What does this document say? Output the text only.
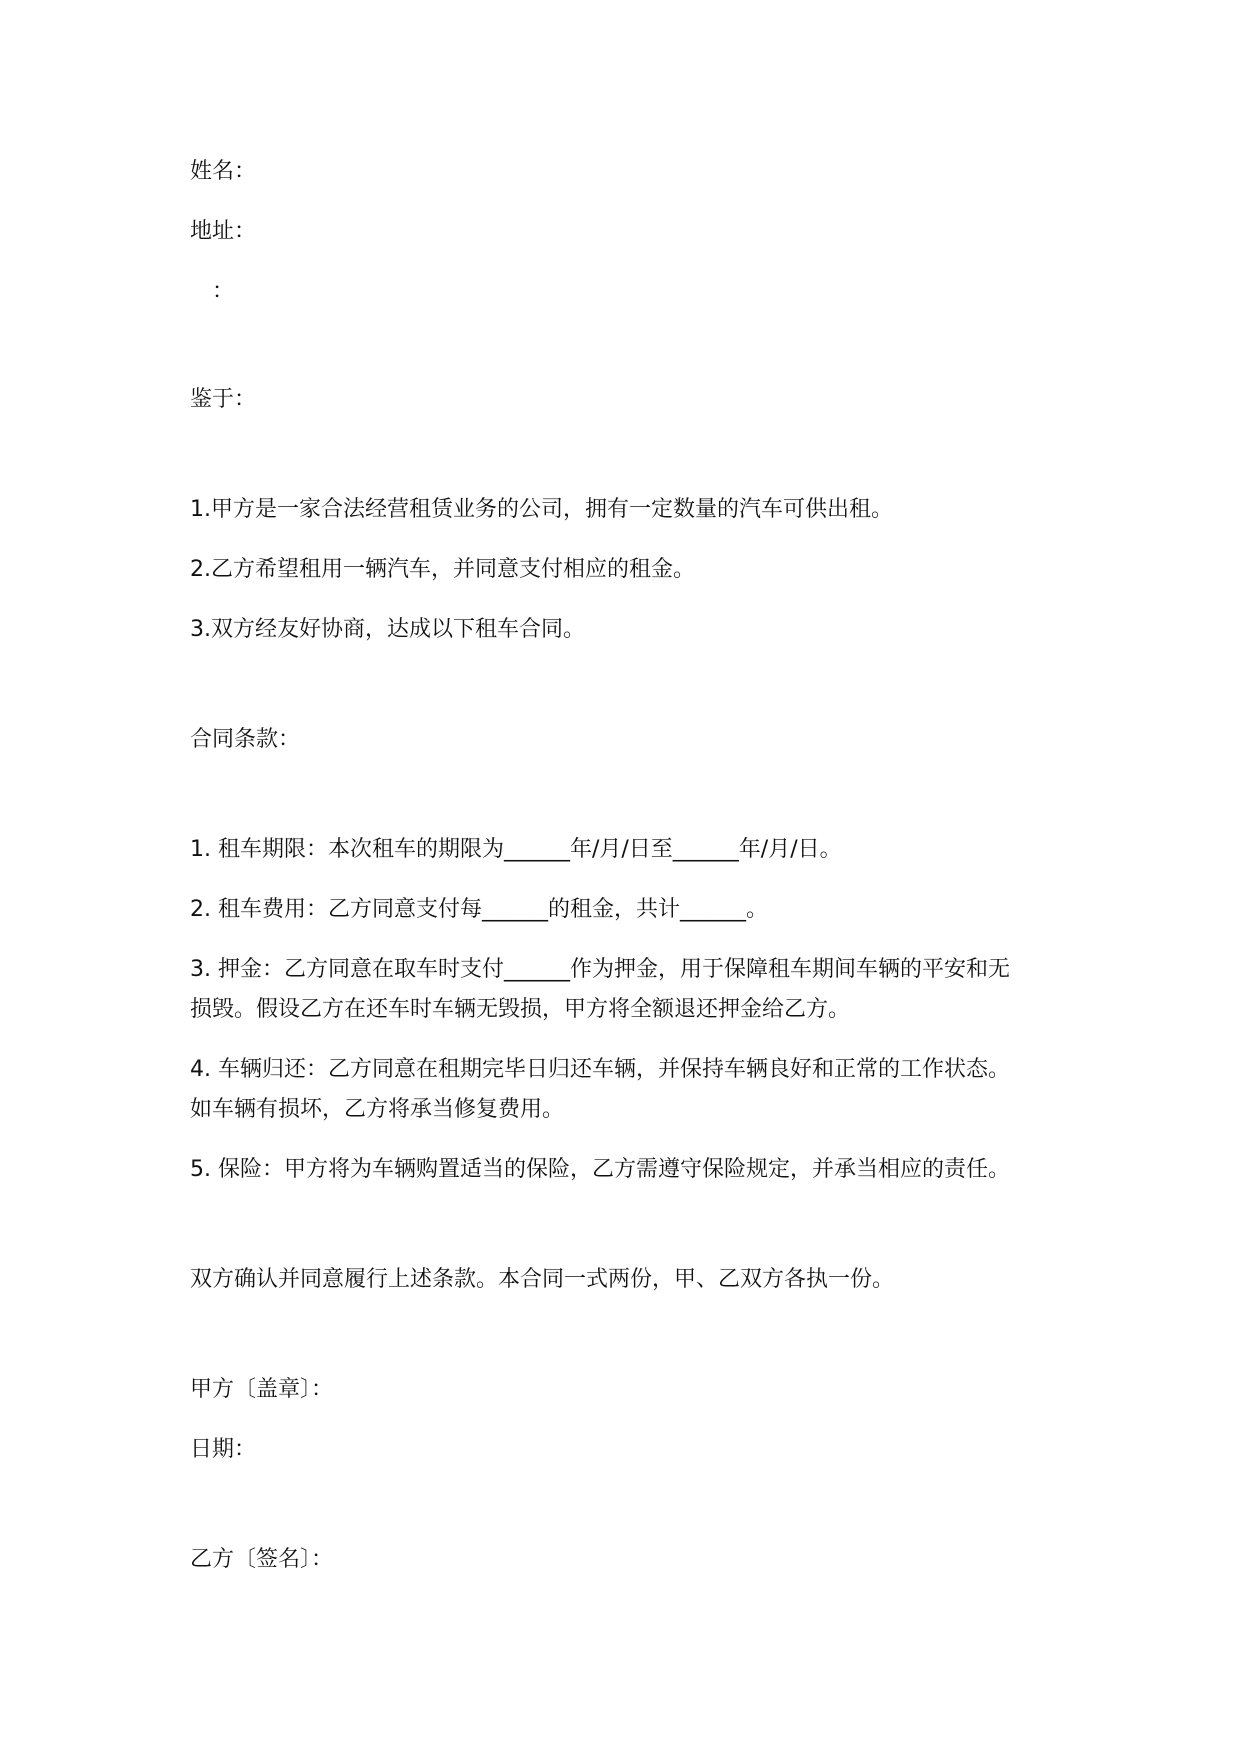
姓名：
地址：
：
鉴于：
1.甲方是一家合法经营租赁业务的公司，拥有一定数量的汽车可供出租。
2.乙方希望租用一辆汽车，并同意支付相应的租金。
3.双方经友好协商，达成以下租车合同。
合同条款：
1. 租车期限：本次租车的期限为______年/月/日至______年/月/日。
2. 租车费用：乙方同意支付每______的租金，共计______。
3. 押金：乙方同意在取车时支付______作为押金，用于保障租车期间车辆的平安和无
损毁。假设乙方在还车时车辆无毁损，甲方将全额退还押金给乙方。
4. 车辆归还：乙方同意在租期完毕日归还车辆，并保持车辆良好和正常的工作状态。
如车辆有损坏，乙方将承当修复费用。
5. 保险：甲方将为车辆购置适当的保险，乙方需遵守保险规定，并承当相应的责任。
双方确认并同意履行上述条款。本合同一式两份，甲、乙双方各执一份。
甲方〔盖章〕：
日期：
乙方〔签名〕：
